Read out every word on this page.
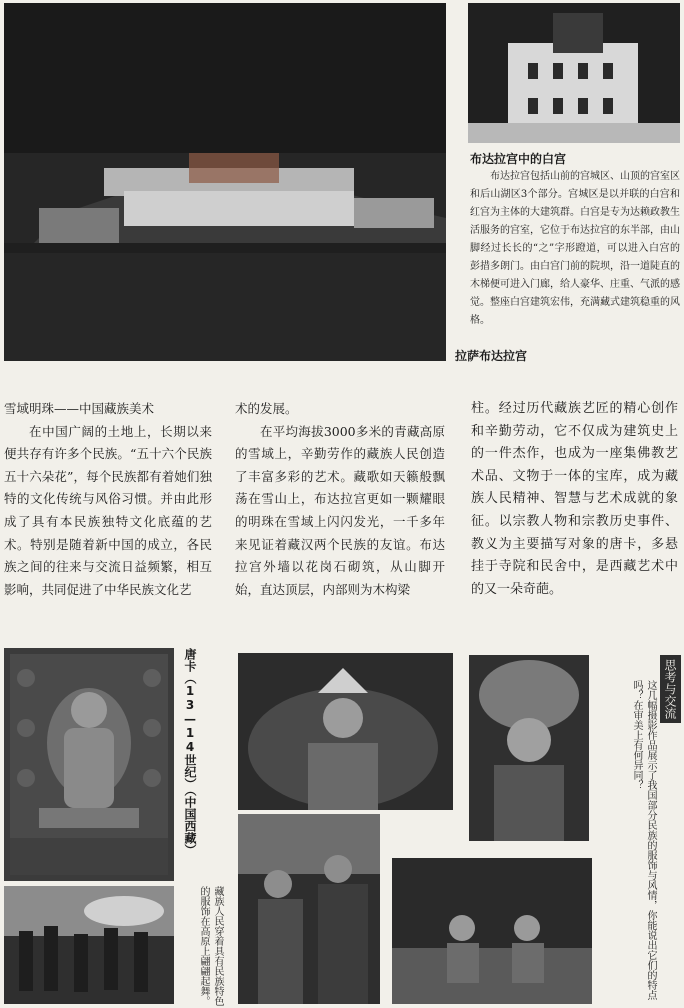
布达拉宫中的白宫

布达拉宫包括山前的宫城区、山顶的宫室区和后山湖区3个部分。宫城区是以并联的白宫和红宫为主体的大建筑群。白宫是专为达赖政教生活服务的宫室，它位于布达拉宫的东半部，由山脚经过长长的“之”字形蹬道，可以进入白宫的彭措多朗门。由白宫门前的院坝，沿一道陡直的木梯便可进入门廊，给人豪华、庄重、气派的感觉。整座白宫建筑宏伟，充满藏式建筑稳重的风格。

拉萨布达拉宫

雪域明珠——中国藏族美术

在中国广阔的土地上，长期以来便共存有许多个民族。“五十六个民族五十六朵花”，每个民族都有着她们独特的文化传统与风俗习惯。并由此形成了具有本民族独特文化底蕴的艺术。特别是随着新中国的成立，各民族之间的往来与交流日益频繁，相互影响，共同促进了中华民族文化艺

术的发展。

在平均海拔3000多米的青藏高原的雪域上，辛勤劳作的藏族人民创造了丰富多彩的艺术。藏歌如天籁般飘荡在雪山上，布达拉宫更如一颗耀眼的明珠在雪域上闪闪发光，一千多年来见证着藏汉两个民族的友谊。布达拉宫外墙以花岗石砌筑，从山脚开始，直达顶层，内部则为木构梁

柱。经过历代藏族艺匠的精心创作和辛勤劳动，它不仅成为建筑史上的一件杰作，也成为一座集佛教艺术品、文物于一体的宝库，成为藏族人民精神、智慧与艺术成就的象征。以宗教人物和宗教历史事件、教义为主要描写对象的唐卡，多悬挂于寺院和民舍中，是西藏艺术中的又一朵奇葩。

唐卡（13—14世纪）（中国西藏）
藏族人民穿着具有民族特色的服饰在高原上翩翩起舞。
思考与交流
这几幅摄影作品展示了我国部分民族的服饰与风情，你能说出它们的特点吗？在审美上有何异同？
